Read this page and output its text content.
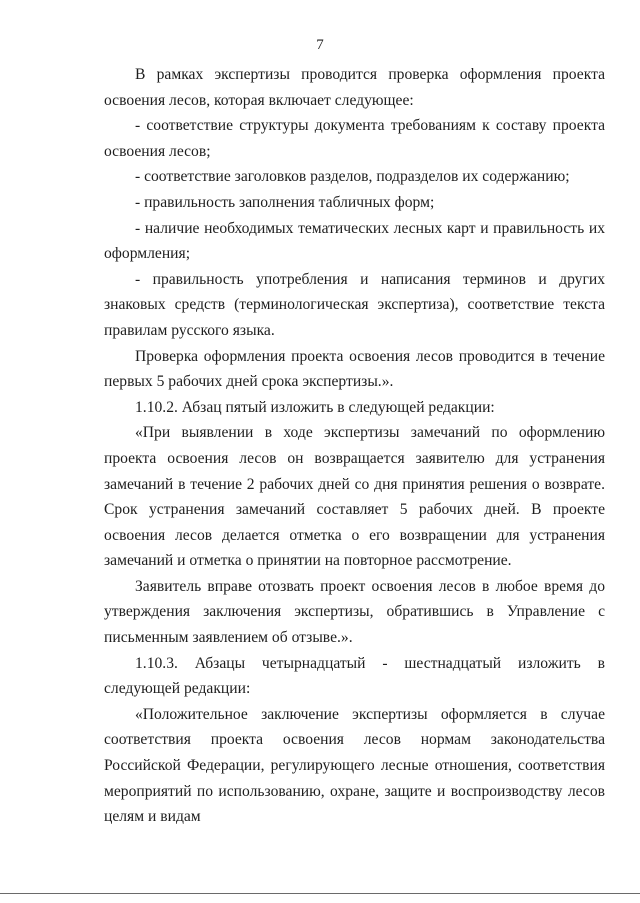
7

В рамках экспертизы проводится проверка оформления проекта освоения лесов, которая включает следующее:

- соответствие структуры документа требованиям к составу проекта освоения лесов;

- соответствие заголовков разделов, подразделов их содержанию;

- правильность заполнения табличных форм;

- наличие необходимых тематических лесных карт и правильность их оформления;

- правильность употребления и написания терминов и других знаковых средств (терминологическая экспертиза), соответствие текста правилам русского языка.

Проверка оформления проекта освоения лесов проводится в течение первых 5 рабочих дней срока экспертизы.».

1.10.2. Абзац пятый изложить в следующей редакции:

«При выявлении в ходе экспертизы замечаний по оформлению проекта освоения лесов он возвращается заявителю для устранения замечаний в течение 2 рабочих дней со дня принятия решения о возврате. Срок устранения замечаний составляет 5 рабочих дней. В проекте освоения лесов делается отметка о его возвращении для устранения замечаний и отметка о принятии на повторное рассмотрение.

Заявитель вправе отозвать проект освоения лесов в любое время до утверждения заключения экспертизы, обратившись в Управление с письменным заявлением об отзыве.».

1.10.3. Абзацы четырнадцатый - шестнадцатый изложить в следующей редакции:

«Положительное заключение экспертизы оформляется в случае соответствия проекта освоения лесов нормам законодательства Российской Федерации, регулирующего лесные отношения, соответствия мероприятий по использованию, охране, защите и воспроизводству лесов целям и видам
